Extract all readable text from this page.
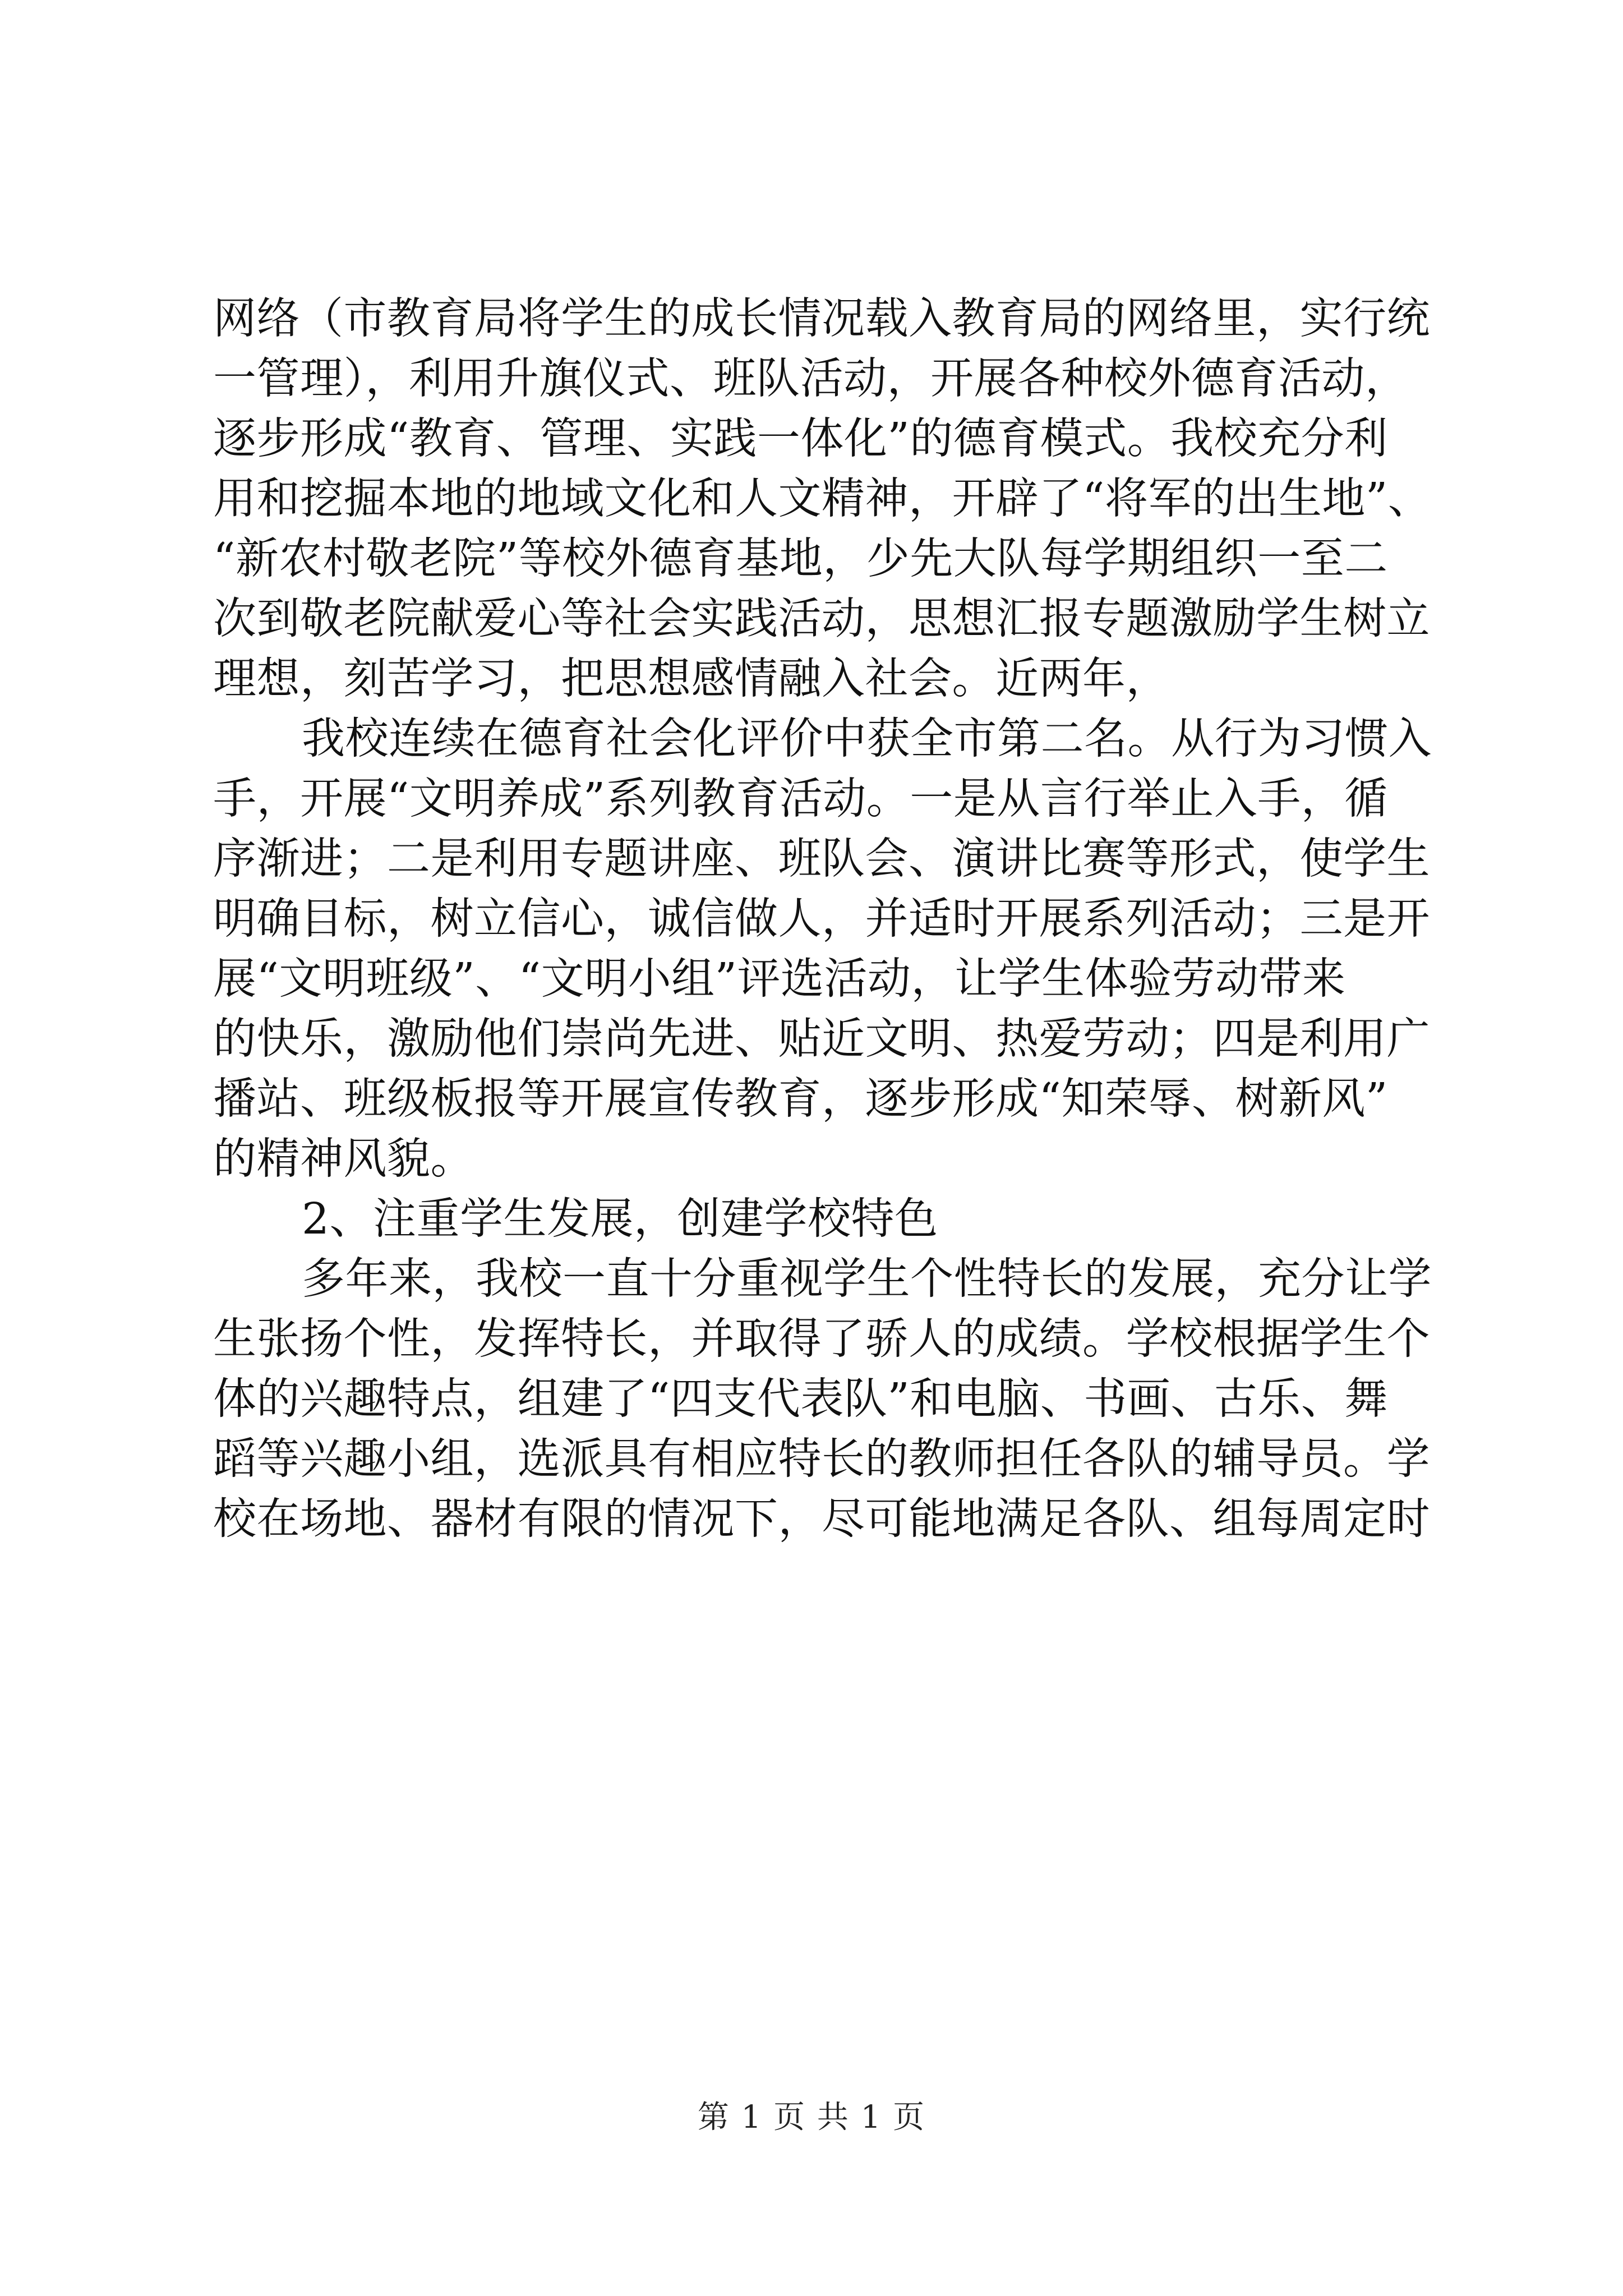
网络（市教育局将学生的成长情况载入教育局的网络里，实行统
一管理），利用升旗仪式、班队活动，开展各种校外德育活动，
逐步形成“教育、管理、实践一体化”的德育模式。我校充分利
用和挖掘本地的地域文化和人文精神，开辟了“将军的出生地”、
“新农村敬老院”等校外德育基地，少先大队每学期组织一至二
次到敬老院献爱心等社会实践活动，思想汇报专题激励学生树立
理想，刻苦学习，把思想感情融入社会。近两年，
我校连续在德育社会化评价中获全市第二名。从行为习惯入
手，开展“文明养成”系列教育活动。一是从言行举止入手，循
序渐进；二是利用专题讲座、班队会、演讲比赛等形式，使学生
明确目标，树立信心，诚信做人，并适时开展系列活动；三是开
展“文明班级”、“文明小组”评选活动，让学生体验劳动带来
的快乐，激励他们崇尚先进、贴近文明、热爱劳动；四是利用广
播站、班级板报等开展宣传教育，逐步形成“知荣辱、树新风”
的精神风貌。
2、注重学生发展，创建学校特色
多年来，我校一直十分重视学生个性特长的发展，充分让学
生张扬个性，发挥特长，并取得了骄人的成绩。学校根据学生个
体的兴趣特点，组建了“四支代表队”和电脑、书画、古乐、舞
蹈等兴趣小组，选派具有相应特长的教师担任各队的辅导员。学
校在场地、器材有限的情况下，尽可能地满足各队、组每周定时
第 1 页 共 1 页
